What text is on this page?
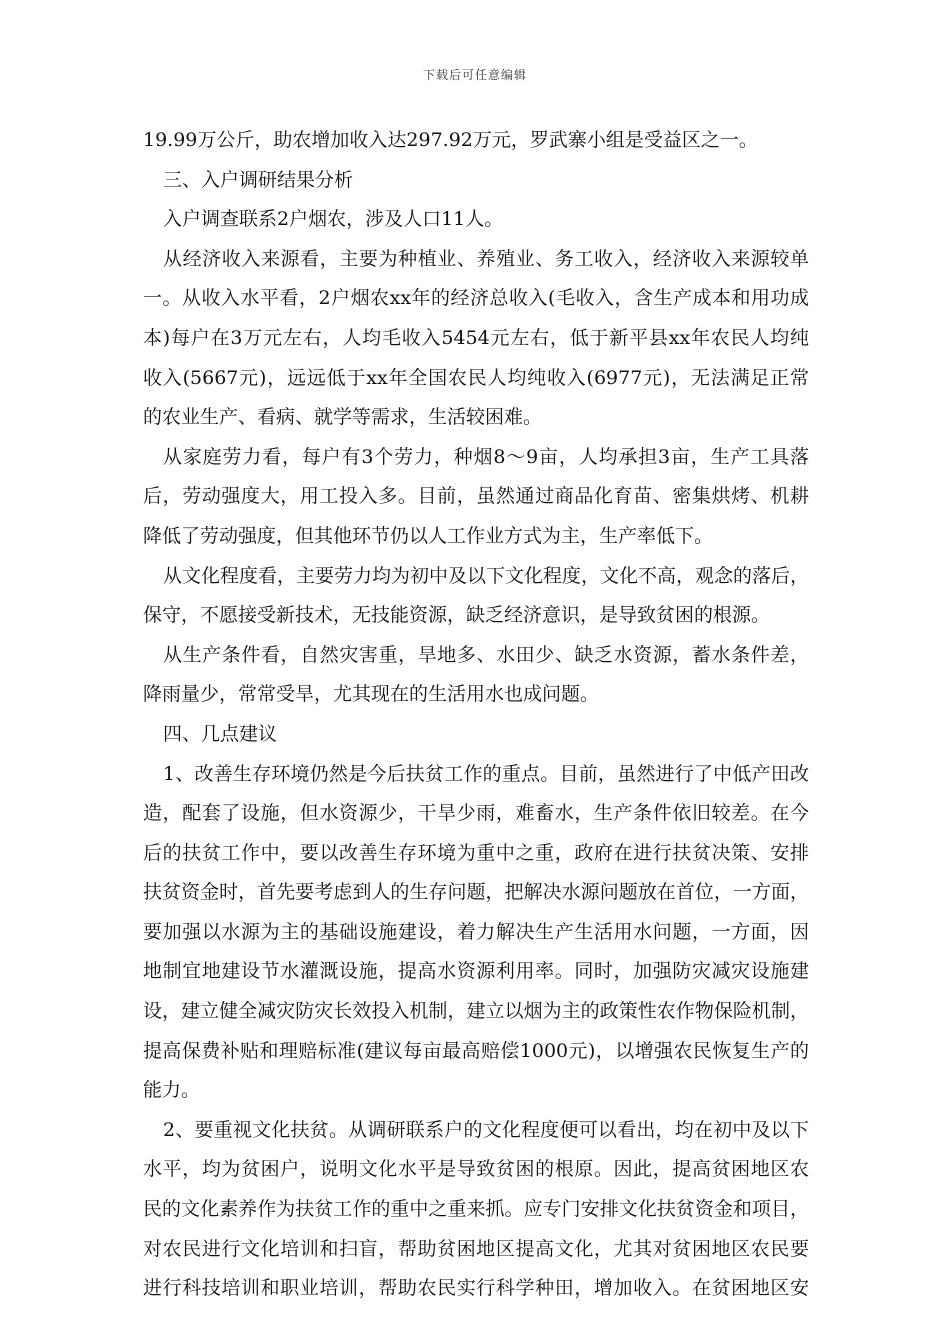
下载后可任意编辑
19.99万公斤，助农增加收入达297.92万元，罗武寨小组是受益区之一。
三、入户调研结果分析
入户调查联系2户烟农，涉及人口11人。
从经济收入来源看，主要为种植业、养殖业、务工收入，经济收入来源较单
一。从收入水平看，2户烟农xx年的经济总收入(毛收入，含生产成本和用功成
本)每户在3万元左右，人均毛收入5454元左右，低于新平县xx年农民人均纯
收入(5667元)，远远低于xx年全国农民人均纯收入(6977元)，无法满足正常
的农业生产、看病、就学等需求，生活较困难。
从家庭劳力看，每户有3个劳力，种烟8～9亩，人均承担3亩，生产工具落
后，劳动强度大，用工投入多。目前，虽然通过商品化育苗、密集烘烤、机耕
降低了劳动强度，但其他环节仍以人工作业方式为主，生产率低下。
从文化程度看，主要劳力均为初中及以下文化程度，文化不高，观念的落后，
保守，不愿接受新技术，无技能资源，缺乏经济意识，是导致贫困的根源。
从生产条件看，自然灾害重，旱地多、水田少、缺乏水资源，蓄水条件差，
降雨量少，常常受旱，尤其现在的生活用水也成问题。
四、几点建议
1、改善生存环境仍然是今后扶贫工作的重点。目前，虽然进行了中低产田改
造，配套了设施，但水资源少，干旱少雨，难畜水，生产条件依旧较差。在今
后的扶贫工作中，要以改善生存环境为重中之重，政府在进行扶贫决策、安排
扶贫资金时，首先要考虑到人的生存问题，把解决水源问题放在首位，一方面，
要加强以水源为主的基础设施建设，着力解决生产生活用水问题，一方面，因
地制宜地建设节水灌溉设施，提高水资源利用率。同时，加强防灾减灾设施建
设，建立健全减灾防灾长效投入机制，建立以烟为主的政策性农作物保险机制，
提高保费补贴和理赔标准(建议每亩最高赔偿1000元)，以增强农民恢复生产的
能力。
2、要重视文化扶贫。从调研联系户的文化程度便可以看出，均在初中及以下
水平，均为贫困户，说明文化水平是导致贫困的根原。因此，提高贫困地区农
民的文化素养作为扶贫工作的重中之重来抓。应专门安排文化扶贫资金和项目，
对农民进行文化培训和扫盲，帮助贫困地区提高文化，尤其对贫困地区农民要
进行科技培训和职业培训，帮助农民实行科学种田，增加收入。在贫困地区安
